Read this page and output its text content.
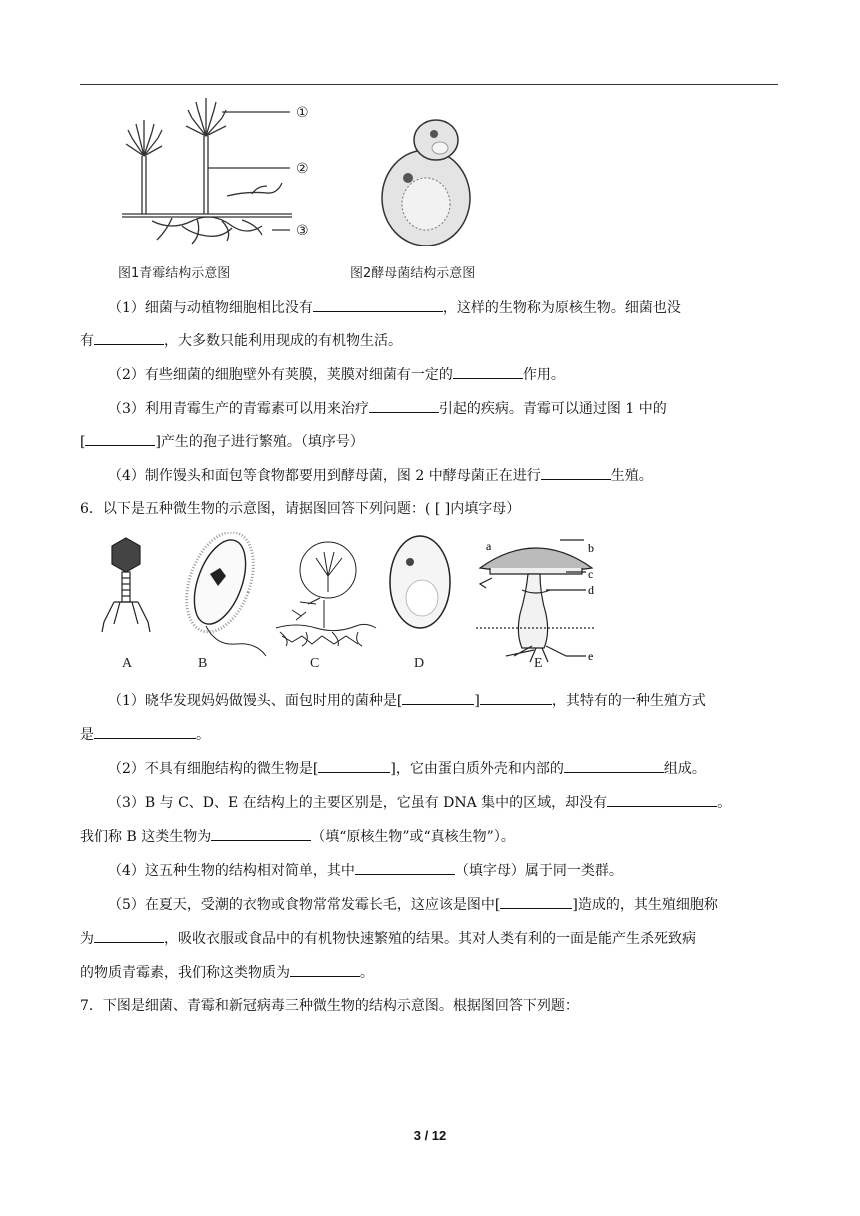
①
②
③
图1青霉结构示意图	图2酵母菌结构示意图
（1）细菌与动植物细胞相比没有	，这样的生物称为原核生物。细菌也没
有	，大多数只能利用现成的有机物生活。
（2）有些细菌的细胞壁外有荚膜，荚膜对细菌有一定的	作用。
（3）利用青霉生产的青霉素可以用来治疗	引起的疾病。青霉可以通过图 1 中的
[	]产生的孢子进行繁殖。（填序号）
（4）制作馒头和面包等食物都要用到酵母菌，图 2 中酵母菌正在进行	生殖。
6．以下是五种微生物的示意图，请据图回答下列问题：( [ ]内填字母）
a	b
c
d
e
A	B	C	D	E
（1）晓华发现妈妈做馒头、面包时用的菌种是[	]	，其特有的一种生殖方式
是	。
（2）不具有细胞结构的微生物是[	]，它由蛋白质外壳和内部的	组成。
（3）B 与 C、D、E 在结构上的主要区别是，它虽有 DNA 集中的区域，却没有	。
我们称 B 这类生物为	（填“原核生物”或“真核生物”）。
（4）这五种生物的结构相对简单，其中	（填字母）属于同一类群。
（5）在夏天，受潮的衣物或食物常常发霉长毛，这应该是图中[	]造成的，其生殖细胞称
为	，吸收衣服或食品中的有机物快速繁殖的结果。其对人类有利的一面是能产生杀死致病
的物质青霉素，我们称这类物质为	。
7．下图是细菌、青霉和新冠病毒三种微生物的结构示意图。根据图回答下列题：
3 / 12
